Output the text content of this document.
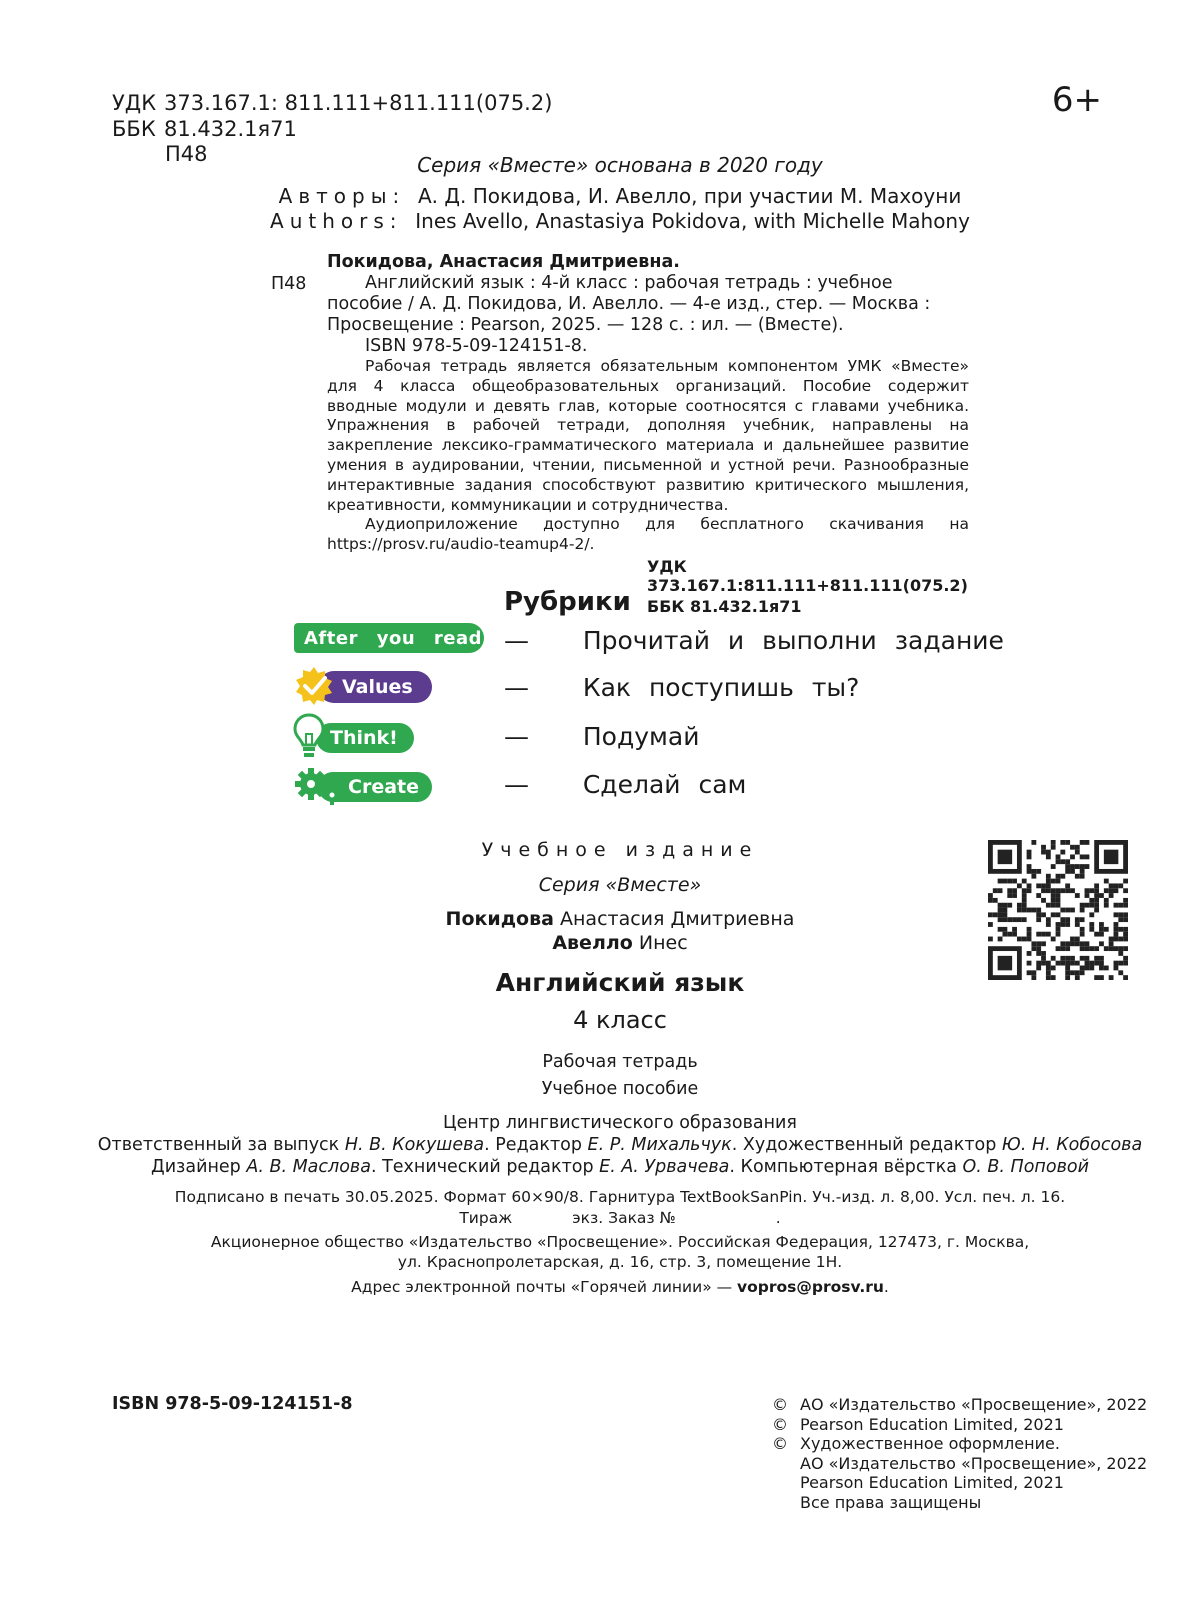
УДК 373.167.1: 811.111+811.111(075.2)
ББК 81.432.1я71
П48
6+
Серия «Вместе» основана в 2020 году
Авторы: А. Д. Покидова, И. Авелло, при участии М. Махоуни
Authors: Ines Avello, Anastasiya Pokidova, with Michelle Mahony
П48
Покидова, Анастасия Дмитриевна.
Английский язык : 4-й класс : рабочая тетрадь : учебное пособие / А. Д. Покидова, И. Авелло. — 4-е изд., стер. — Москва : Просвещение : Pearson, 2025. — 128 с. : ил. — (Вместе).
ISBN 978-5-09-124151-8.
Рабочая тетрадь является обязательным компонентом УМК «Вместе» для 4 класса общеобразовательных организаций. Пособие содержит вводные модули и девять глав, которые соотносятся с главами учебника. Упражнения в рабочей тетради, дополняя учебник, направлены на закрепление лексико-грамматического материала и дальнейшее развитие умения в аудировании, чтении, письменной и устной речи. Разнообразные интерактивные задания способствуют развитию критического мышления, креативности, коммуникации и сотрудничества.
Аудиоприложение доступно для бесплатного скачивания на https://prosv.ru/audio-teamup4-2/.
УДК 373.167.1:811.111+811.111(075.2)
ББК 81.432.1я71
Рубрики
After you read — Прочитай и выполни задание
Values	— Как поступишь ты?
Think!	— Подумай
Create	— Сделай сам
Учебное издание
Серия «Вместе»
Покидова Анастасия Дмитриевна
Авелло Инес
Английский язык
4 класс
Рабочая тетрадь
Учебное пособие
Центр лингвистического образования
Ответственный за выпуск Н. В. Кокушева. Редактор Е. Р. Михальчук. Художественный редактор Ю. Н. Кобосова
Дизайнер А. В. Маслова. Технический редактор Е. А. Урвачева. Компьютерная вёрстка О. В. Поповой
Подписано в печать 30.05.2025. Формат 60×90/8. Гарнитура TextBookSanPin. Уч.-изд. л. 8,00. Усл. печ. л. 16.
Тираж	экз. Заказ №	.
Акционерное общество «Издательство «Просвещение». Российская Федерация, 127473, г. Москва,
ул. Краснопролетарская, д. 16, стр. 3, помещение 1Н.
Адрес электронной почты «Горячей линии» — vopros@prosv.ru.
ISBN 978-5-09-124151-8	© АО «Издательство «Просвещение», 2022
© Pearson Education Limited, 2021
© Художественное оформление.
АО «Издательство «Просвещение», 2022
Pearson Education Limited, 2021
Все права защищены
